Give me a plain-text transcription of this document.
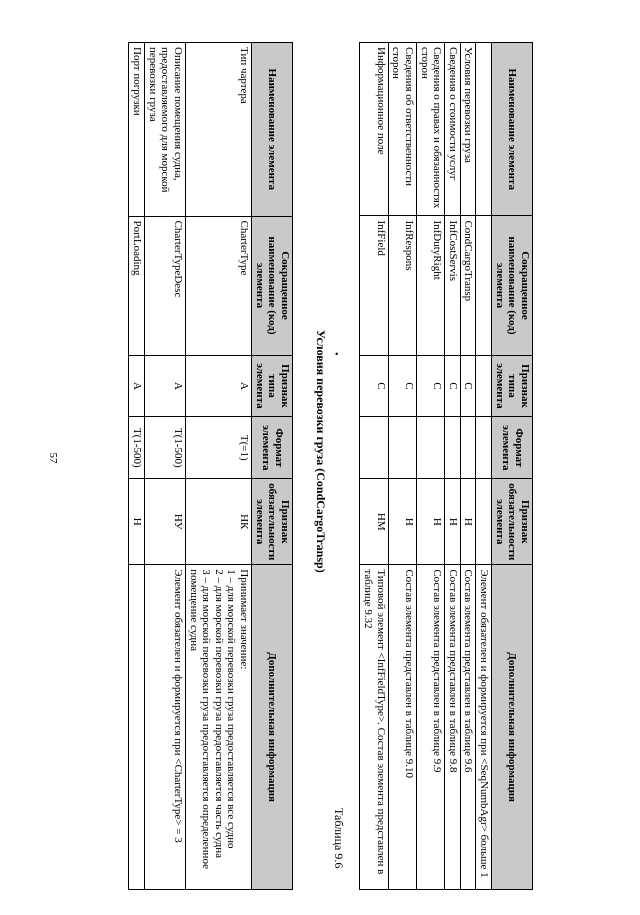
57
Наименование элемента	Сокращенное наименование (код) элемента	Признак типа элемента	Формат элемента	Признак обязательности элемента	Дополнительная информация
					Элемент обязателен и формируется при <SeqNumbAgr> больше 1
Условия перевозки груза	CondCargoTransp	С		Н	Состав элемента представлен в таблице 9.6
Сведения о стоимости услуг	InfCostServis	С		Н	Состав элемента представлен в таблице 9.8
Сведения о правах и обязанностях сторон	InfDutyRight	С		Н	Состав элемента представлен в таблице 9.9
Сведения об ответственности сторон	InfRespons	С		Н	Состав элемента представлен в таблице 9.10
Информационное поле	InfField	С		НМ	Типовой элемент <InfFieldType>. Состав элемента представлен в таблице 9.32
Таблица 9.6
•
Условия перевозки груза (CondCargoTransp)
Наименование элемента	Сокращенное наименование (код) элемента	Признак типа элемента	Формат элемента	Признак обязательности элемента	Дополнительная информация
Тип чартера	CharterType	А	Т(=1)	НК	Принимает значение:
1 – для морской перевозки груза предоставляется все судно
2 – для морской перевозки груза предоставляется часть судна
3 – для морской перевозки груза предоставляется определенное помещение судна

Описание помещения судна, предоставляемого для морской перевозки груза	CharterTypeDesc	А	Т(1-500)	НУ	Элемент обязателен и формируется при <CharterType> = 3
Порт погрузки	PortLoading	А	Т(1-500)	Н	
